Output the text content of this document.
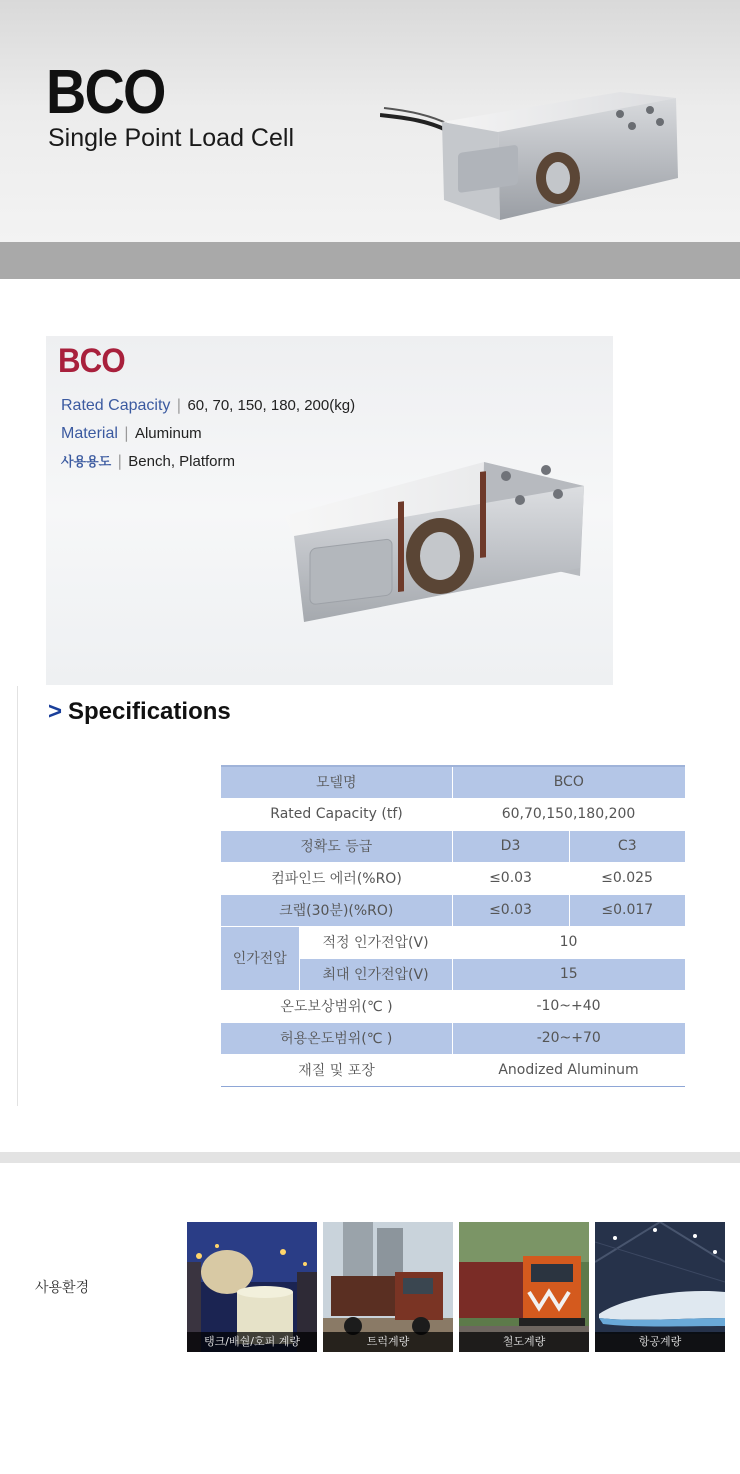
BCO
Single Point Load Cell
BCO
Rated Capacity | 60, 70, 150, 180, 200(kg)
Material | Aluminum
사용용도 | Bench, Platform
> Specifications
모델명		BCO	
Rated Capacity (tf)		60,70,150,180,200	
정확도 등급		D3	C3
컴파인드 에러(%RO)		≤0.03	≤0.025
크랩(30분)(%RO)		≤0.03	≤0.017
인가전압	적정 인가전압(V)	10	
	최대 인가전압(V)	15	
온도보상범위(℃ )		-10~+40	
허용온도범위(℃ )		-20~+70	
재질 및 포장		Anodized Aluminum	
사용환경
탱크/배숼/호퍼 계량	트럭계량	철도계량	항공계량
